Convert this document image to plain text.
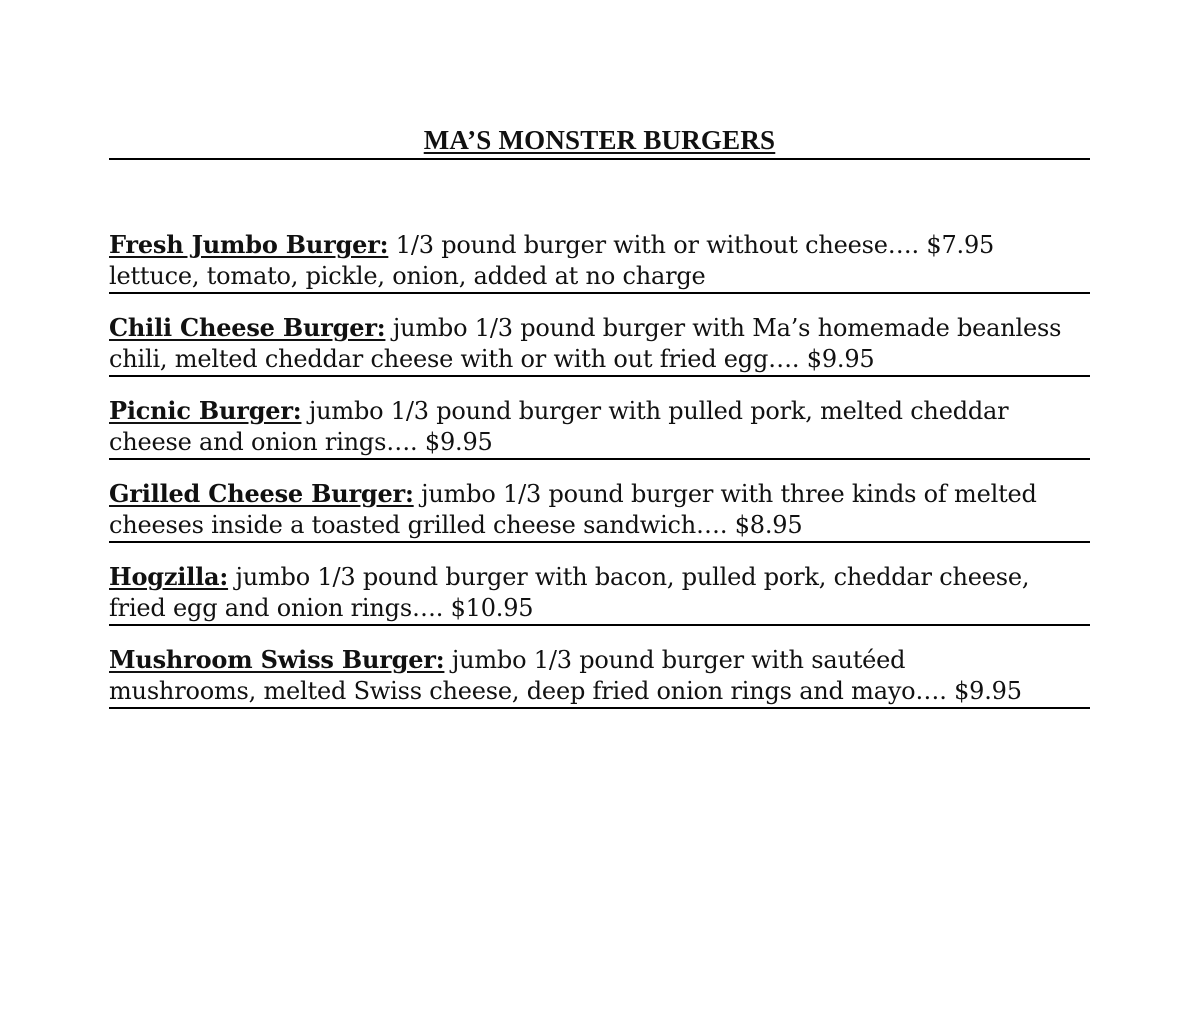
MA’S MONSTER BURGERS

Fresh Jumbo Burger: 1/3 pound burger with or without cheese…. $7.95
lettuce, tomato, pickle, onion, added at no charge

Chili Cheese Burger: jumbo 1/3 pound burger with Ma’s homemade beanless
chili, melted cheddar cheese with or with out fried egg…. $9.95

Picnic Burger: jumbo 1/3 pound burger with pulled pork, melted cheddar
cheese and onion rings…. $9.95

Grilled Cheese Burger: jumbo 1/3 pound burger with three kinds of melted
cheeses inside a toasted grilled cheese sandwich…. $8.95

Hogzilla: jumbo 1/3 pound burger with bacon, pulled pork, cheddar cheese,
fried egg and onion rings…. $10.95

Mushroom Swiss Burger: jumbo 1/3 pound burger with sautéed
mushrooms, melted Swiss cheese, deep fried onion rings and mayo…. $9.95
